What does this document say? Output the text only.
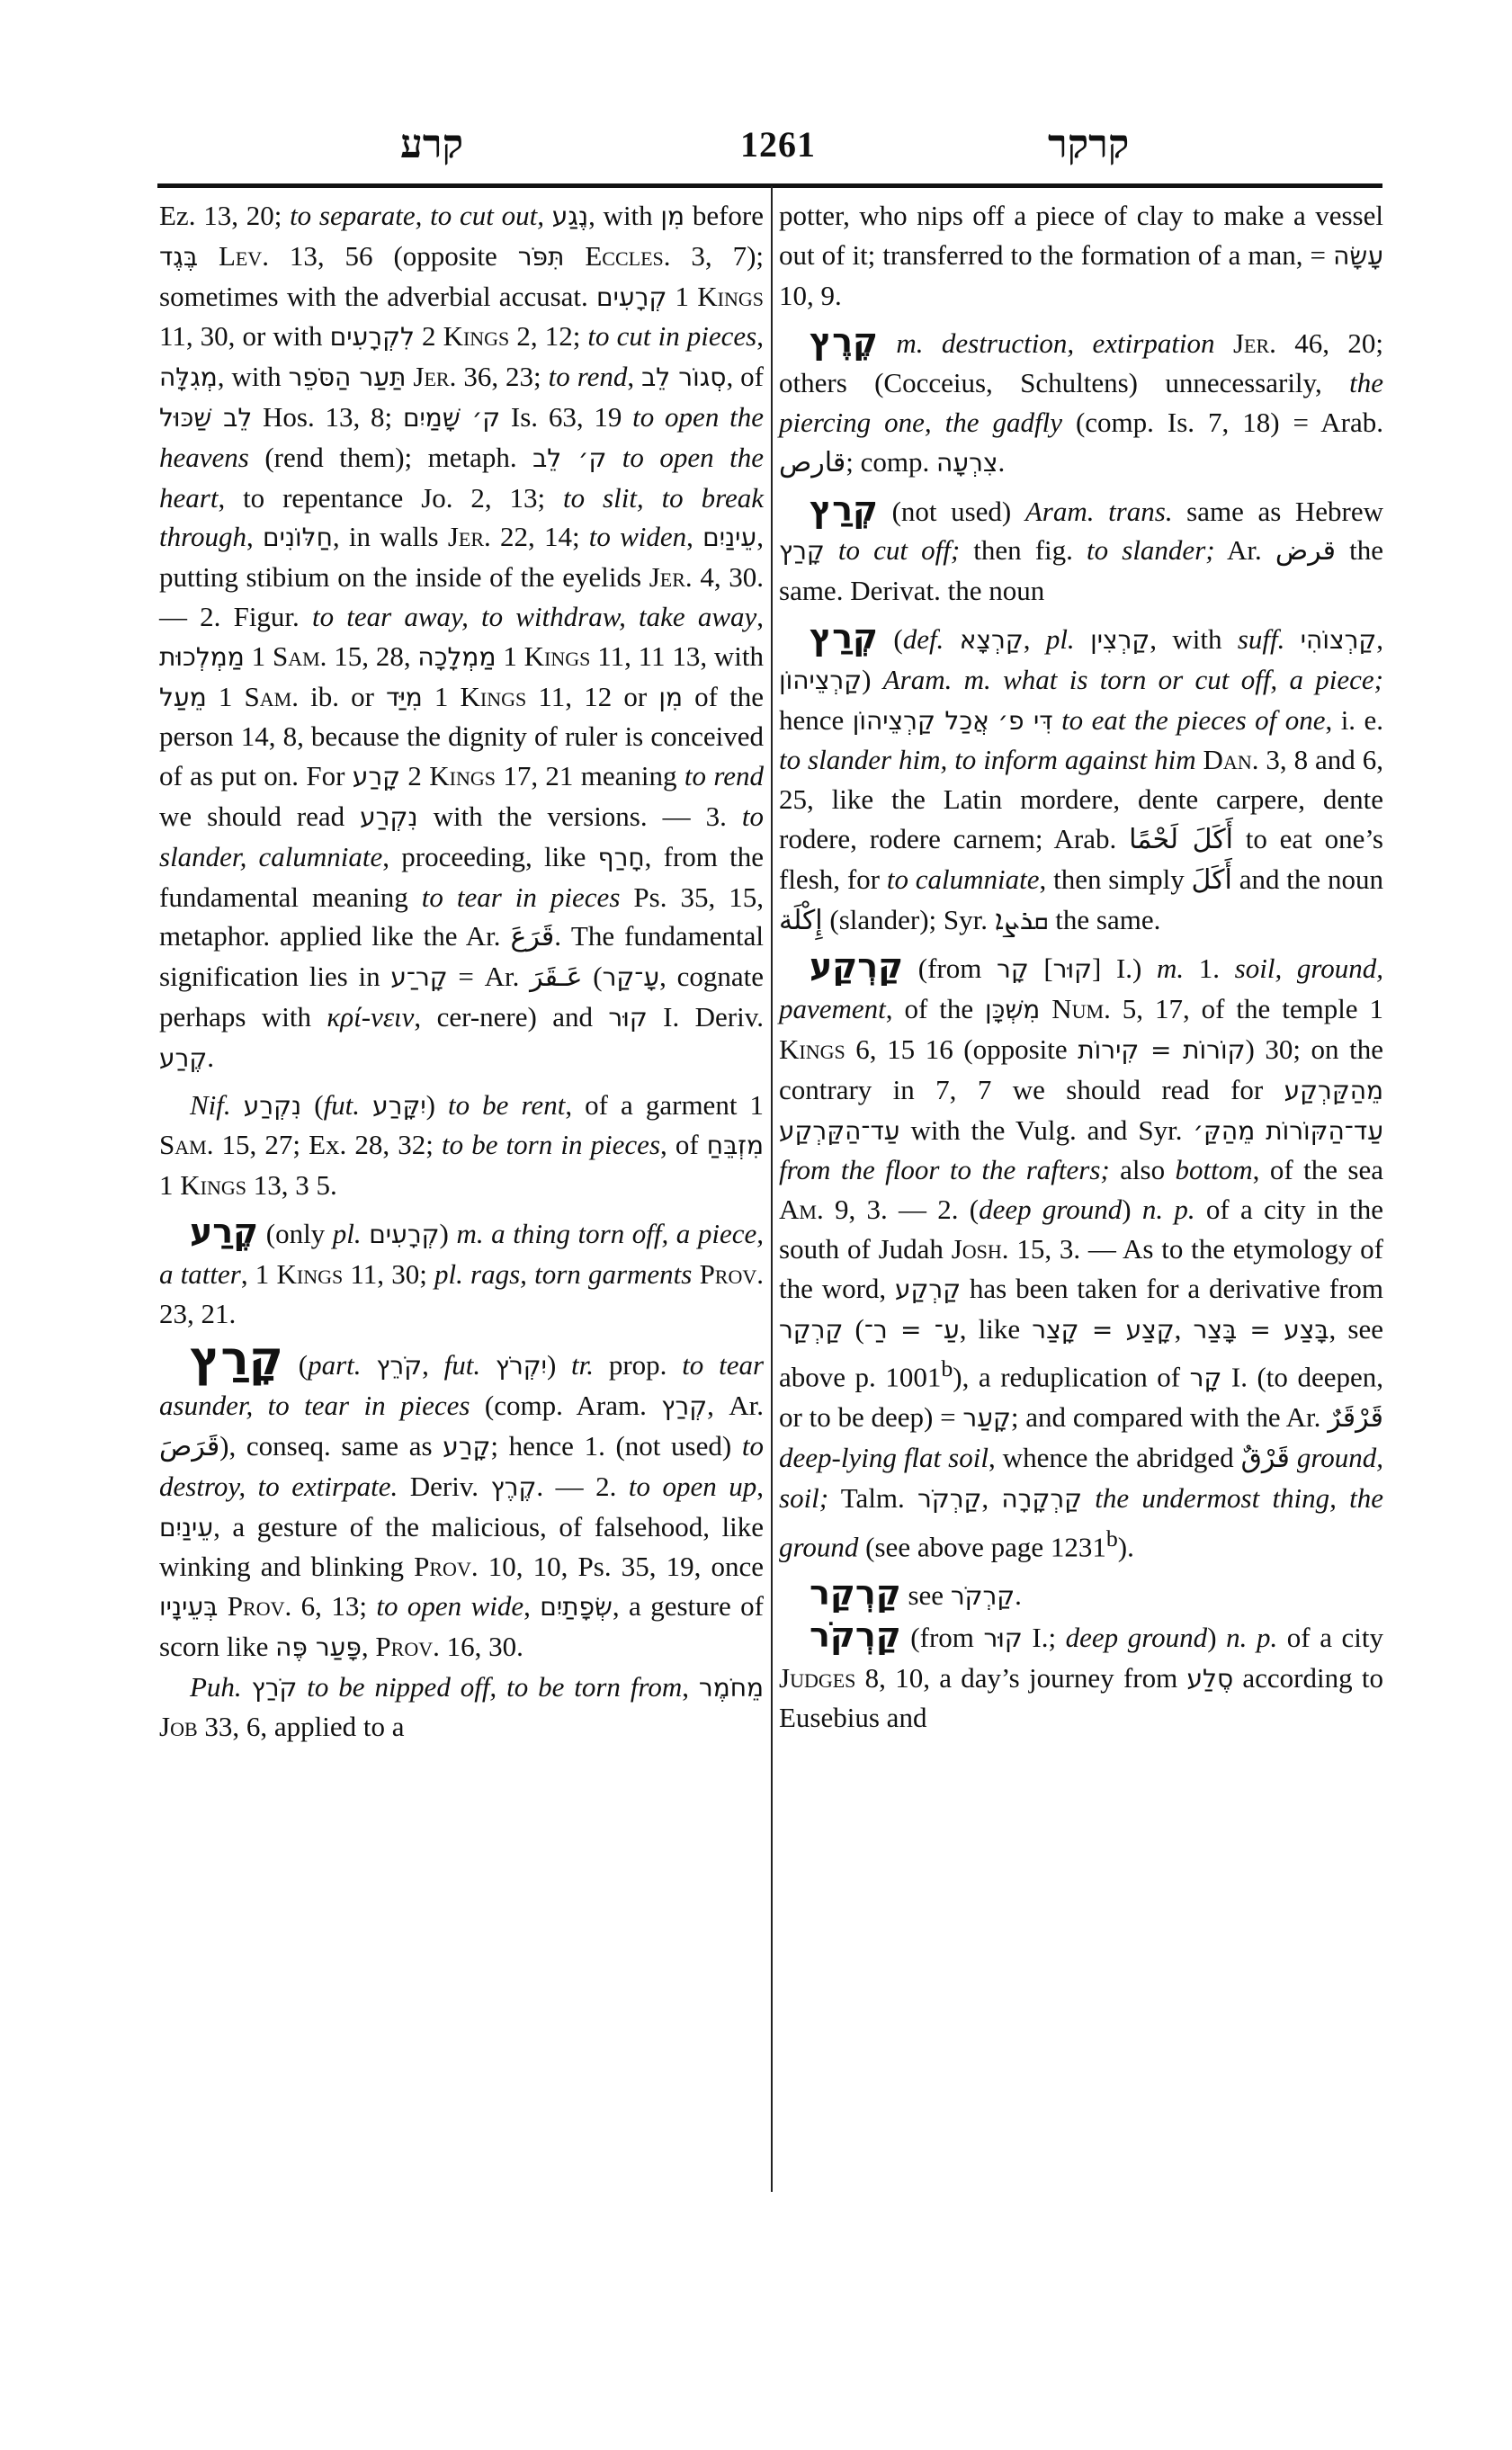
קרע	1261	קרקר

Ez. 13, 20; to separate, to cut out, נֶגַע, with מִן before בֶּגֶד Lev. 13, 56 (opposite תִּפֹּר Eccles. 3, 7); sometimes with the adverbial accusat. קְרָעִים 1 Kings 11, 30, or with לִקְרָעִים 2 Kings 2, 12; to cut in pieces, מְגִלָּה, with תַּעַר הַסֹּפֵר Jer. 36, 23; to rend, סְגוֹר לֵב, of לֵב שַׁכּוּל Hos. 13, 8; ק׳ שָׁמַיִם Is. 63, 19 to open the heavens (rend them); metaph. ק׳ לֵב to open the heart, to repentance Jo. 2, 13; to slit, to break through, חַלּוֹנִים, in walls Jer. 22, 14; to widen, עֵינַיִם, putting stibium on the inside of the eyelids Jer. 4, 30. — 2. Figur. to tear away, to withdraw, take away, מַמְלְכוּת 1 Sam. 15, 28, מַמְלָכָה 1 Kings 11, 11 13, with מֵעַל 1 Sam. ib. or מִיַּד 1 Kings 11, 12 or מִן of the person 14, 8, because the dignity of ruler is conceived of as put on. For קָרַע 2 Kings 17, 21 meaning to rend we should read נִקְרַע with the versions. — 3. to slander, calumniate, proceeding, like חָרַף, from the fundamental meaning to tear in pieces Ps. 35, 15, metaphor. applied like the Ar. قَرَعَ. The fundamental signification lies in קָר־ַע = Ar. عَـقَرَ (עָ־קַר, cognate perhaps with κρί-νειν, cer-nere) and קוּר I. Deriv. קֶרַע.

Nif. נִקְרַע (fut. יִקָּרַע) to be rent, of a garment 1 Sam. 15, 27; Ex. 28, 32; to be torn in pieces, of מִזְבֵּחַ 1 Kings 13, 3 5.

קֶרַע (only pl. קְרָעִים) m. a thing torn off, a piece, a tatter, 1 Kings 11, 30; pl. rags, torn garments Prov. 23, 21.

קָרַץ (part. קֹרֵץ, fut. יִקְרֹץ) tr. prop. to tear asunder, to tear in pieces (comp. Aram. קְרַץ, Ar. قَرَصَ), conseq. same as קָרַע; hence 1. (not used) to destroy, to extirpate. Deriv. קֶרֶץ. — 2. to open up, עֵינַיִם, a gesture of the malicious, of falsehood, like winking and blinking Prov. 10, 10, Ps. 35, 19, once בְּעֵינָיו Prov. 6, 13; to open wide, שְׂפָתַיִם, a gesture of scorn like פָּעַר פֶּה, Prov. 16, 30.

Puh. קֹרַץ to be nipped off, to be torn from, מֵחֹמֶר Job 33, 6, applied to a

potter, who nips off a piece of clay to make a vessel out of it; transferred to the formation of a man, = עָשָׂה 10, 9.

קֶרֶץ m. destruction, extirpation Jer. 46, 20; others (Cocceius, Schultens) unnecessarily, the piercing one, the gadfly (comp. Is. 7, 18) = Arab. قارص; comp. צִרְעָה.

קְרַץ (not used) Aram. trans. same as Hebrew קָרַץ to cut off; then fig. to slander; Ar. قرض the same. Derivat. the noun

קְרַץ (def. קַרְצָא, pl. קַרְצִין, with suff. קַרְצוֹהִי, קַרְצֵיהוֹן) Aram. m. what is torn or cut off, a piece; hence אֲכַל קַרְצֵיהוֹן דִּי פ׳ to eat the pieces of one, i. e. to slander him, to inform against him Dan. 3, 8 and 6, 25, like the Latin mordere, dente carpere, dente rodere, rodere carnem; Arab. أَكَلَ لَحْمًا to eat one’s flesh, for to calumniate, then simply أَكَلَ and the noun إِكْلَة (slander); Syr. ܩܪܨܐ the same.

קַרְקַע (from קָר [קוּר] I.) m. 1. soil, ground, pavement, of the מִשְׁכָּן Num. 5, 17, of the temple 1 Kings 6, 15 16 (opposite קוֹרוֹת = קִירוֹת) 30; on the contrary in 7, 7 we should read for מֵהַקַּרְקַע עַד־הַקַּרְקַע with the Vulg. and Syr. מֵהַקַּ׳ עַד־הַקּוֹרוֹת from the floor to the rafters; also bottom, of the sea Am. 9, 3. — 2. (deep ground) n. p. of a city in the south of Judah Josh. 15, 3. — As to the etymology of the word, קַרְקַע has been taken for a derivative from קַרְקַר (עַ־ = רַ־, like קָצַע = קָצַר, בָּצַע = בָּצַר, see above p. 1001$^b$), a reduplication of קָר I. (to deepen, or to be deep) = קָעַר; and compared with the Ar. قَرْقَرٌ deep-lying flat soil, whence the abridged قَرْقٌ ground, soil; Talm. קַרְקֹר, קַרְקָרָה the undermost thing, the ground (see above page 1231$^b$).

קַרְקַר see קַרְקֹר.

קַרְקֹר (from קוּר I.; deep ground) n. p. of a city Judges 8, 10, a day’s journey from סֶלַע according to Eusebius and
